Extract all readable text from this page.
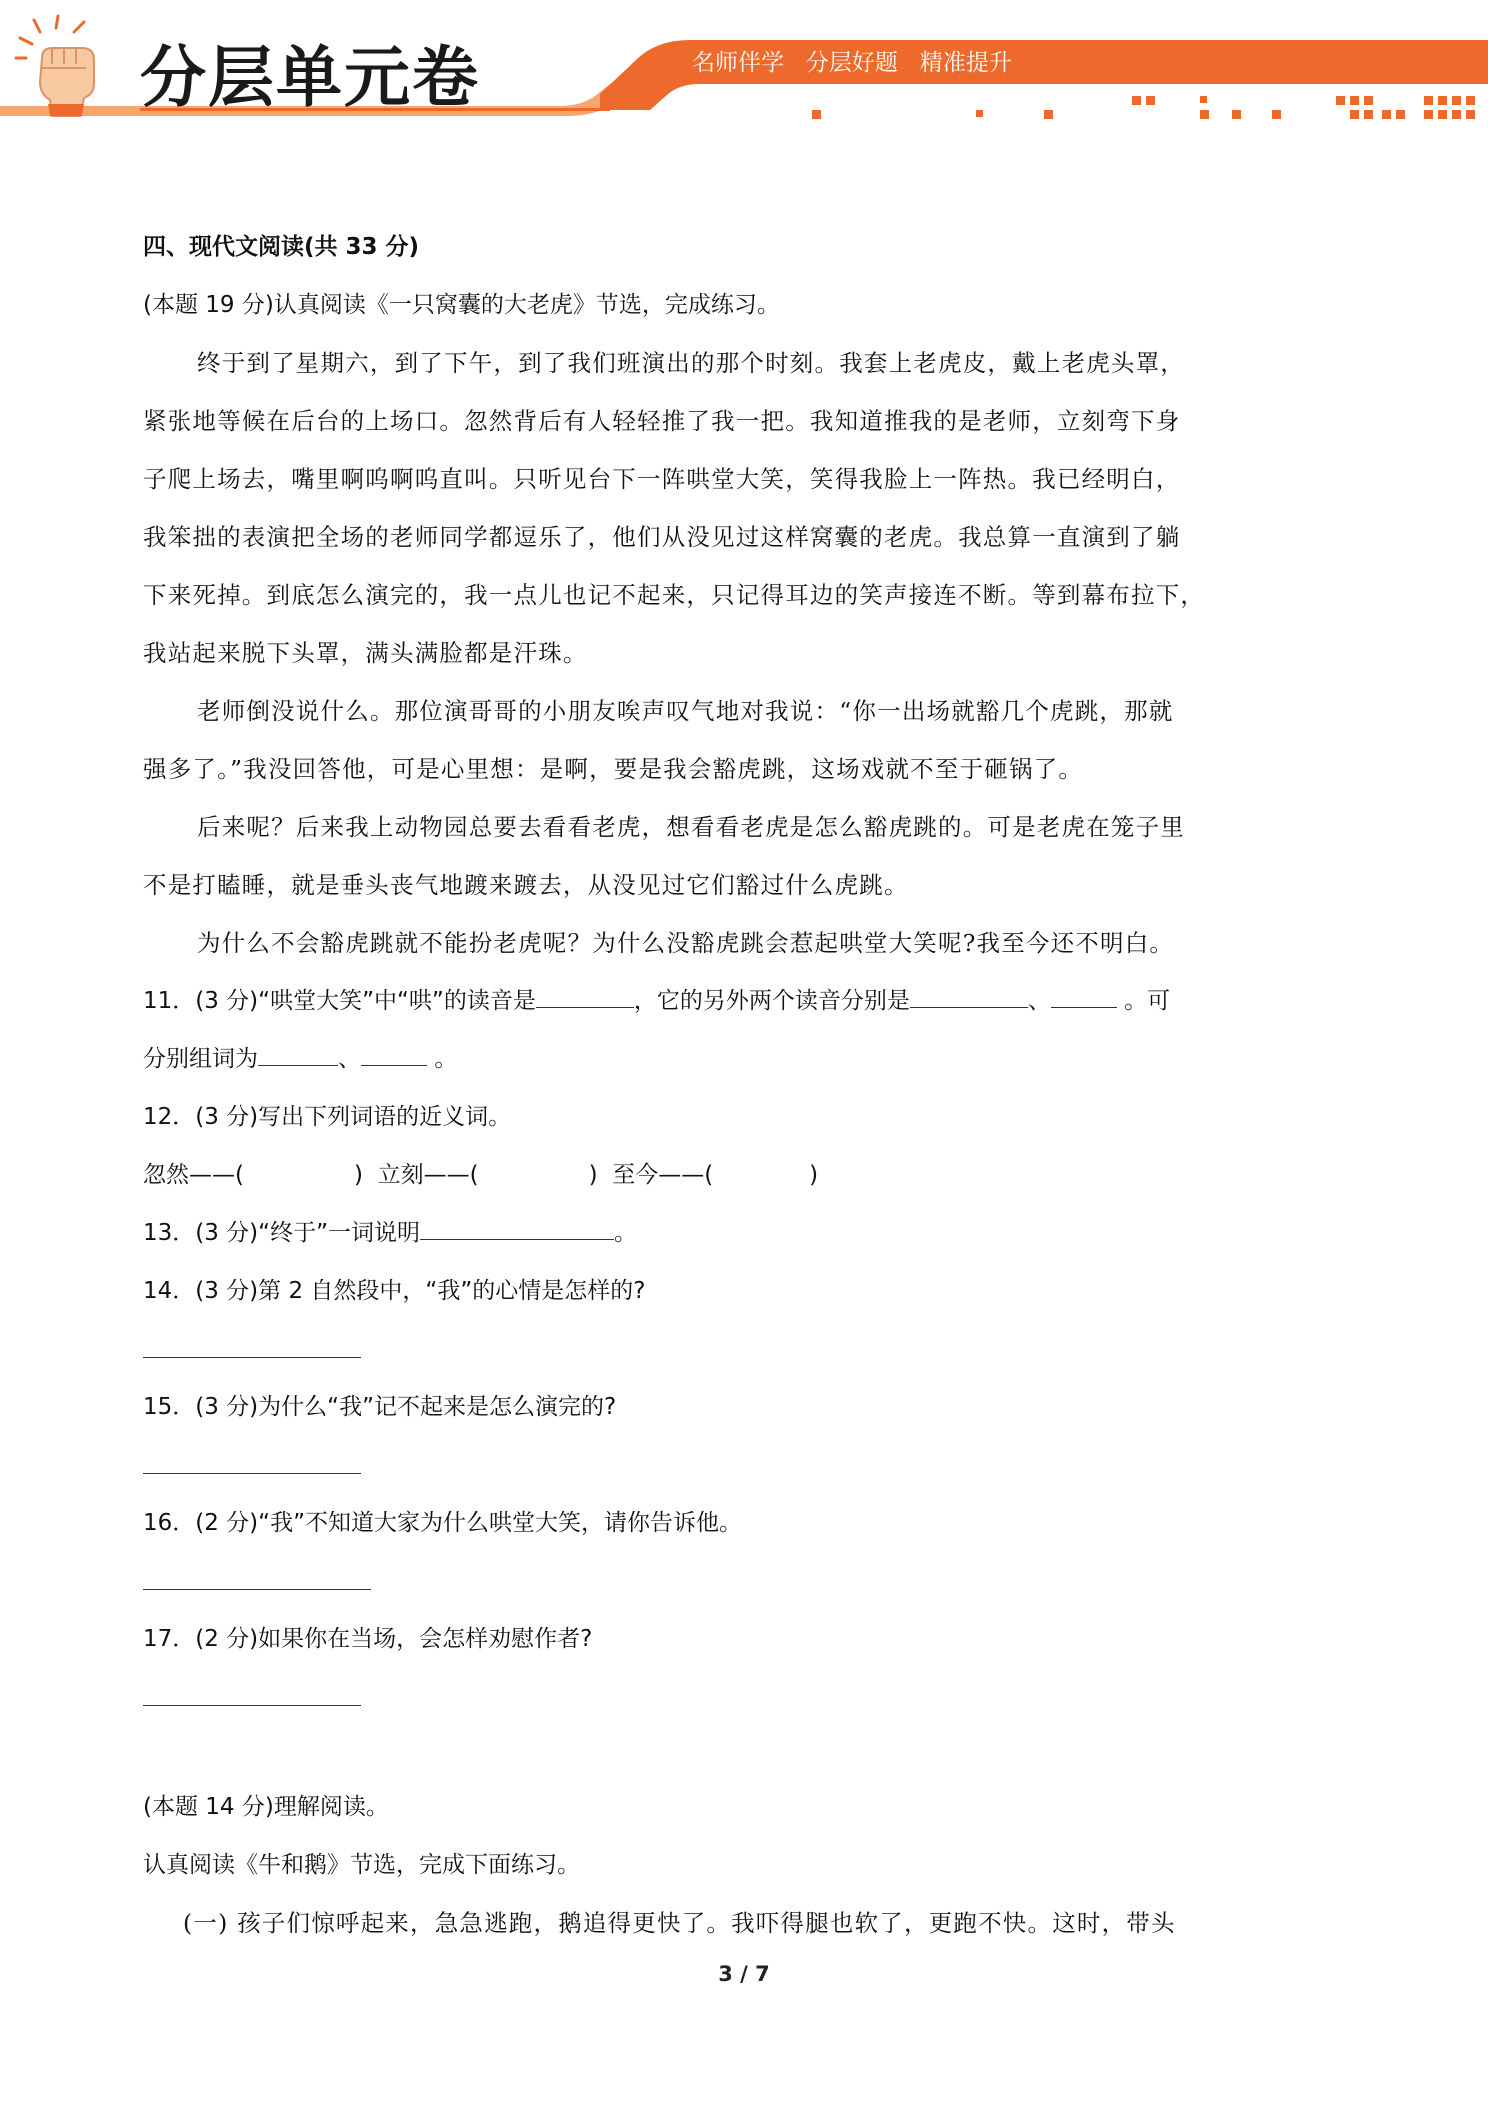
分层单元卷	名师伴学   分层好题   精准提升
四、现代文阅读(共 33 分)
(本题 19 分)认真阅读《一只窝囊的大老虎》节选，完成练习。
终于到了星期六，到了下午，到了我们班演出的那个时刻。我套上老虎皮，戴上老虎头罩，
紧张地等候在后台的上场口。忽然背后有人轻轻推了我一把。我知道推我的是老师，立刻弯下身
子爬上场去，嘴里啊呜啊呜直叫。只听见台下一阵哄堂大笑，笑得我脸上一阵热。我已经明白，
我笨拙的表演把全场的老师同学都逗乐了，他们从没见过这样窝囊的老虎。我总算一直演到了躺
下来死掉。到底怎么演完的，我一点儿也记不起来，只记得耳边的笑声接连不断。等到幕布拉下，
我站起来脱下头罩，满头满脸都是汗珠。
老师倒没说什么。那位演哥哥的小朋友唉声叹气地对我说：“你一出场就豁几个虎跳，那就
强多了。”我没回答他，可是心里想：是啊，要是我会豁虎跳，这场戏就不至于砸锅了。
后来呢？后来我上动物园总要去看看老虎，想看看老虎是怎么豁虎跳的。可是老虎在笼子里
不是打瞌睡，就是垂头丧气地踱来踱去，从没见过它们豁过什么虎跳。
为什么不会豁虎跳就不能扮老虎呢？为什么没豁虎跳会惹起哄堂大笑呢?我至今还不明白。
11．(3 分)“哄堂大笑”中“哄”的读音是	，它的另外两个读音分别是	、	。可
分别组词为	、	。
12．(3 分)写出下列词语的近义词。
忽然——(	) 立刻——(	) 至今——(	)
13．(3 分)“终于”一词说明	。
14．(3 分)第 2 自然段中，“我”的心情是怎样的?
15．(3 分)为什么“我”记不起来是怎么演完的?
16．(2 分)“我”不知道大家为什么哄堂大笑，请你告诉他。
17．(2 分)如果你在当场，会怎样劝慰作者?
(本题 14 分)理解阅读。
认真阅读《牛和鹅》节选，完成下面练习。
(一) 孩子们惊呼起来，急急逃跑，鹅追得更快了。我吓得腿也软了，更跑不快。这时，带头
3 / 7
